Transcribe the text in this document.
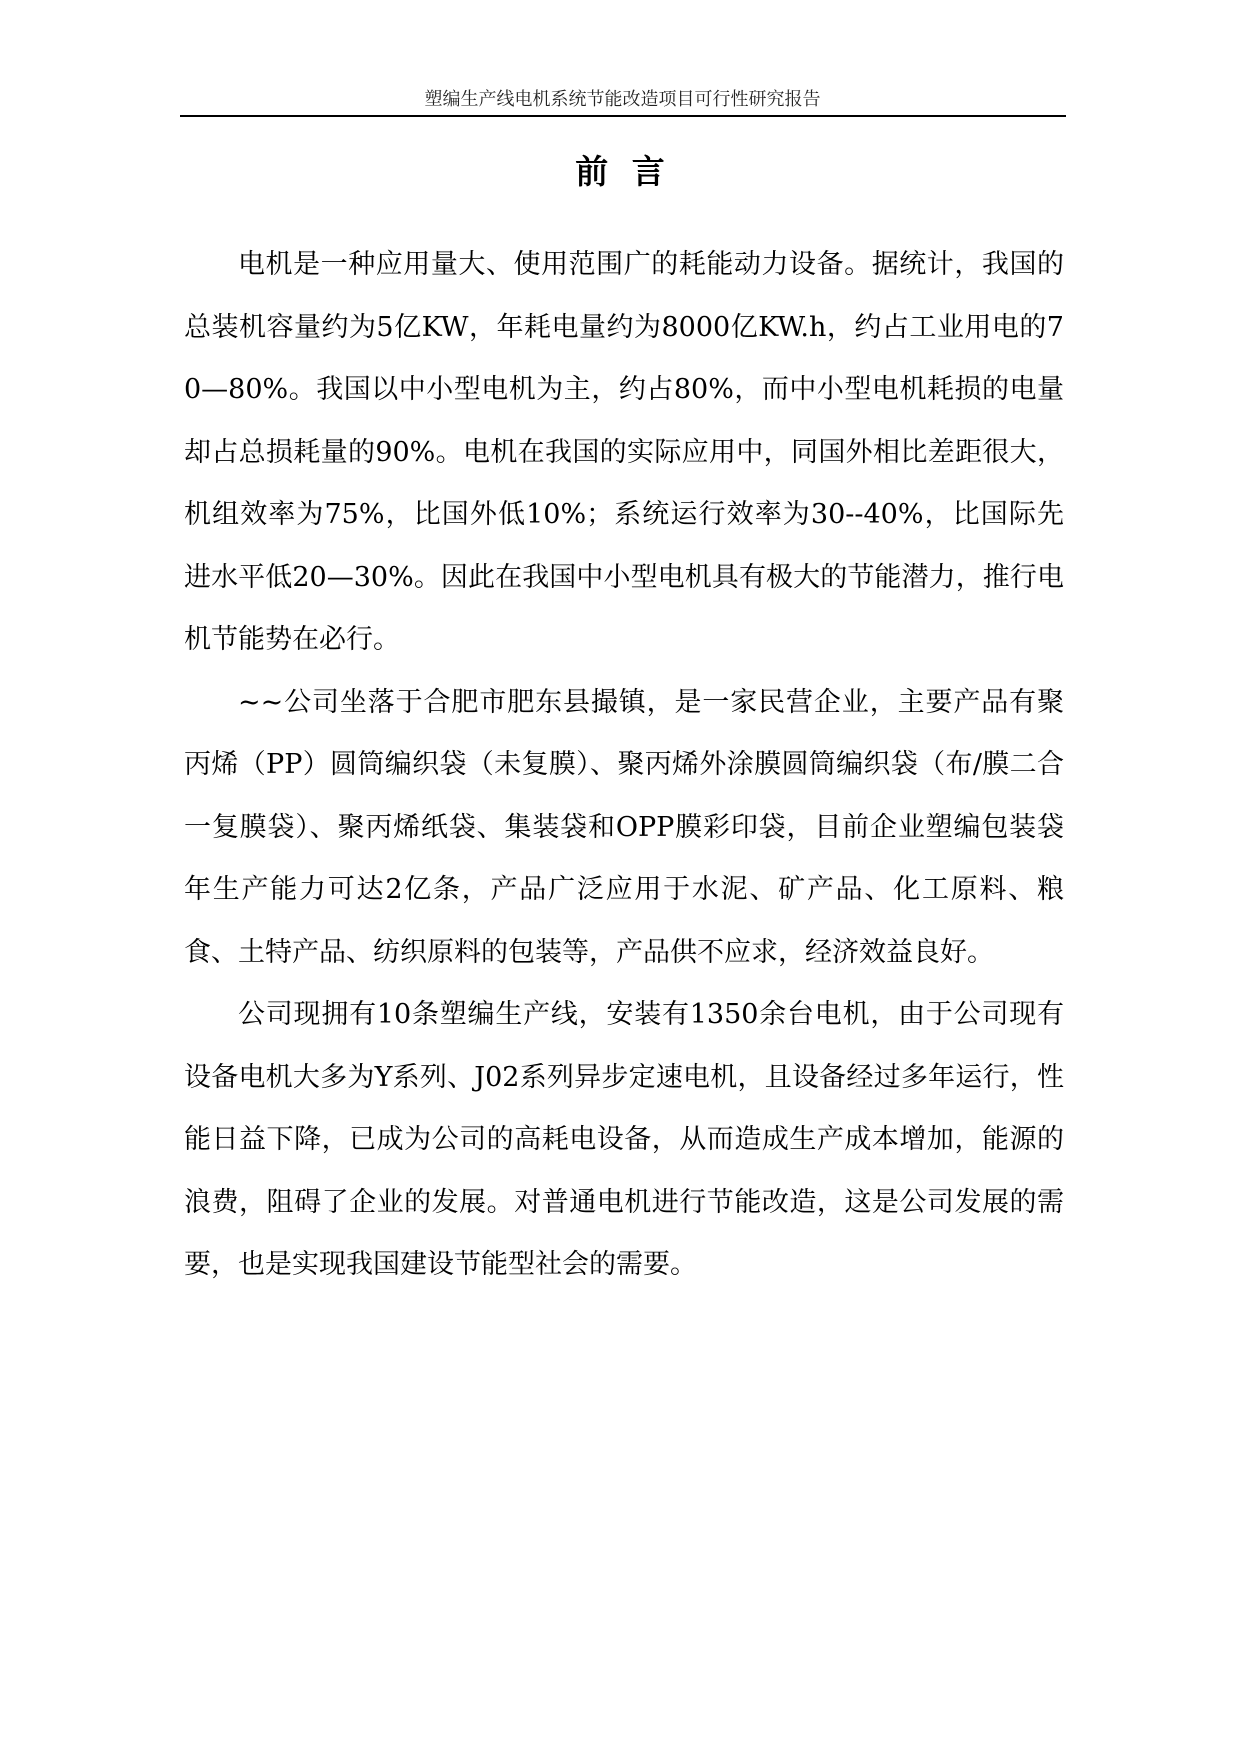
塑编生产线电机系统节能改造项目可行性研究报告
前 言

电机是一种应用量大、使用范围广的耗能动力设备。据统计，我国的总装机容量约为5亿KW，年耗电量约为8000亿KW.h，约占工业用电的70—80%。我国以中小型电机为主，约占80%，而中小型电机耗损的电量却占总损耗量的90%。电机在我国的实际应用中，同国外相比差距很大，机组效率为75%，比国外低10%；系统运行效率为30--40%，比国际先进水平低20—30%。因此在我国中小型电机具有极大的节能潜力，推行电机节能势在必行。

~~公司坐落于合肥市肥东县撮镇，是一家民营企业，主要产品有聚丙烯（PP）圆筒编织袋（未复膜）、聚丙烯外涂膜圆筒编织袋（布/膜二合一复膜袋）、聚丙烯纸袋、集装袋和OPP膜彩印袋，目前企业塑编包装袋年生产能力可达2亿条，产品广泛应用于水泥、矿产品、化工原料、粮食、土特产品、纺织原料的包装等，产品供不应求，经济效益良好。

公司现拥有10条塑编生产线，安装有1350余台电机，由于公司现有设备电机大多为Y系列、J02系列异步定速电机，且设备经过多年运行，性能日益下降，已成为公司的高耗电设备，从而造成生产成本增加，能源的浪费，阻碍了企业的发展。对普通电机进行节能改造，这是公司发展的需要，也是实现我国建设节能型社会的需要。
